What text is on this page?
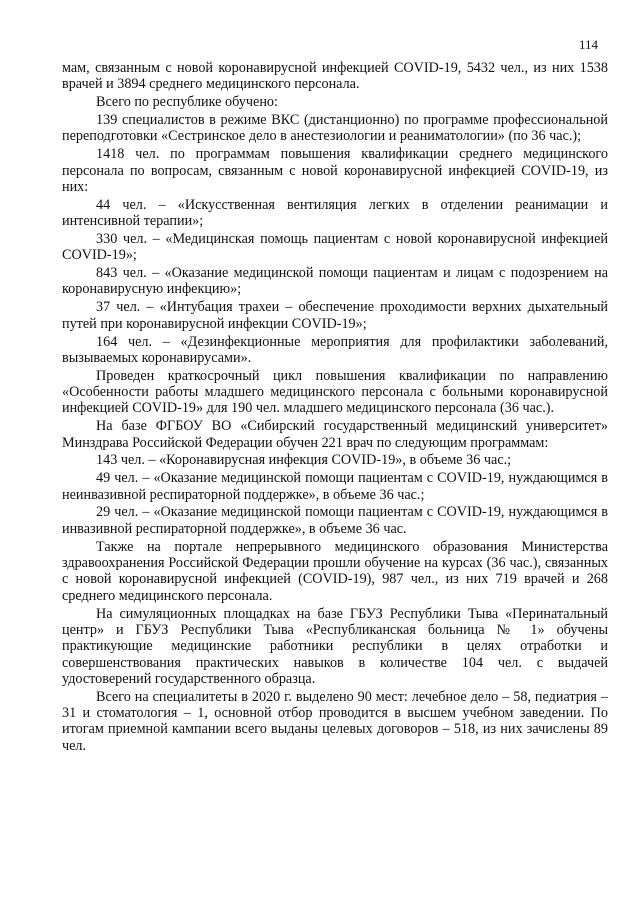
114

мам, связанным с новой коронавирусной инфекцией COVID-19, 5432 чел., из них 1538 врачей и 3894 среднего медицинского персонала.

Всего по республике обучено:

139 специалистов в режиме ВКС (дистанционно) по программе профессиональной переподготовки «Сестринское дело в анестезиологии и реаниматологии» (по 36 час.);

1418 чел. по программам повышения квалификации среднего медицинского персонала по вопросам, связанным с новой коронавирусной инфекцией COVID-19, из них:

44 чел. – «Искусственная вентиляция легких в отделении реанимации и интенсивной терапии»;

330 чел. – «Медицинская помощь пациентам с новой коронавирусной инфекцией COVID-19»;

843 чел. – «Оказание медицинской помощи пациентам и лицам с подозрением на коронавирусную инфекцию»;

37 чел. – «Интубация трахеи – обеспечение проходимости верхних дыхательный путей при коронавирусной инфекции COVID-19»;

164 чел. – «Дезинфекционные мероприятия для профилактики заболеваний, вызываемых коронавирусами».

Проведен краткосрочный цикл повышения квалификации по направлению «Особенности работы младшего медицинского персонала с больными коронавирусной инфекцией COVID-19» для 190 чел. младшего медицинского персонала (36 час.).

На базе ФГБОУ ВО «Сибирский государственный медицинский университет» Минздрава Российской Федерации обучен 221 врач по следующим программам:

143 чел. – «Коронавирусная инфекция COVID-19», в объеме 36 час.;

49 чел. – «Оказание медицинской помощи пациентам с COVID-19, нуждающимся в неинвазивной респираторной поддержке», в объеме 36 час.;

29 чел. – «Оказание медицинской помощи пациентам с COVID-19, нуждающимся в инвазивной респираторной поддержке», в объеме 36 час.

Также на портале непрерывного медицинского образования Министерства здравоохранения Российской Федерации прошли обучение на курсах (36 час.), связанных с новой коронавирусной инфекцией (COVID-19), 987 чел., из них 719 врачей и 268 среднего медицинского персонала.

На симуляционных площадках на базе ГБУЗ Республики Тыва «Перинатальный центр» и ГБУЗ Республики Тыва «Республиканская больница № 1» обучены практикующие медицинские работники республики в целях отработки и совершенствования практических навыков в количестве 104 чел. с выдачей удостоверений государственного образца.

Всего на специалитеты в 2020 г. выделено 90 мест: лечебное дело – 58, педиатрия – 31 и стоматология – 1, основной отбор проводится в высшем учебном заведении. По итогам приемной кампании всего выданы целевых договоров – 518, из них зачислены 89 чел.
